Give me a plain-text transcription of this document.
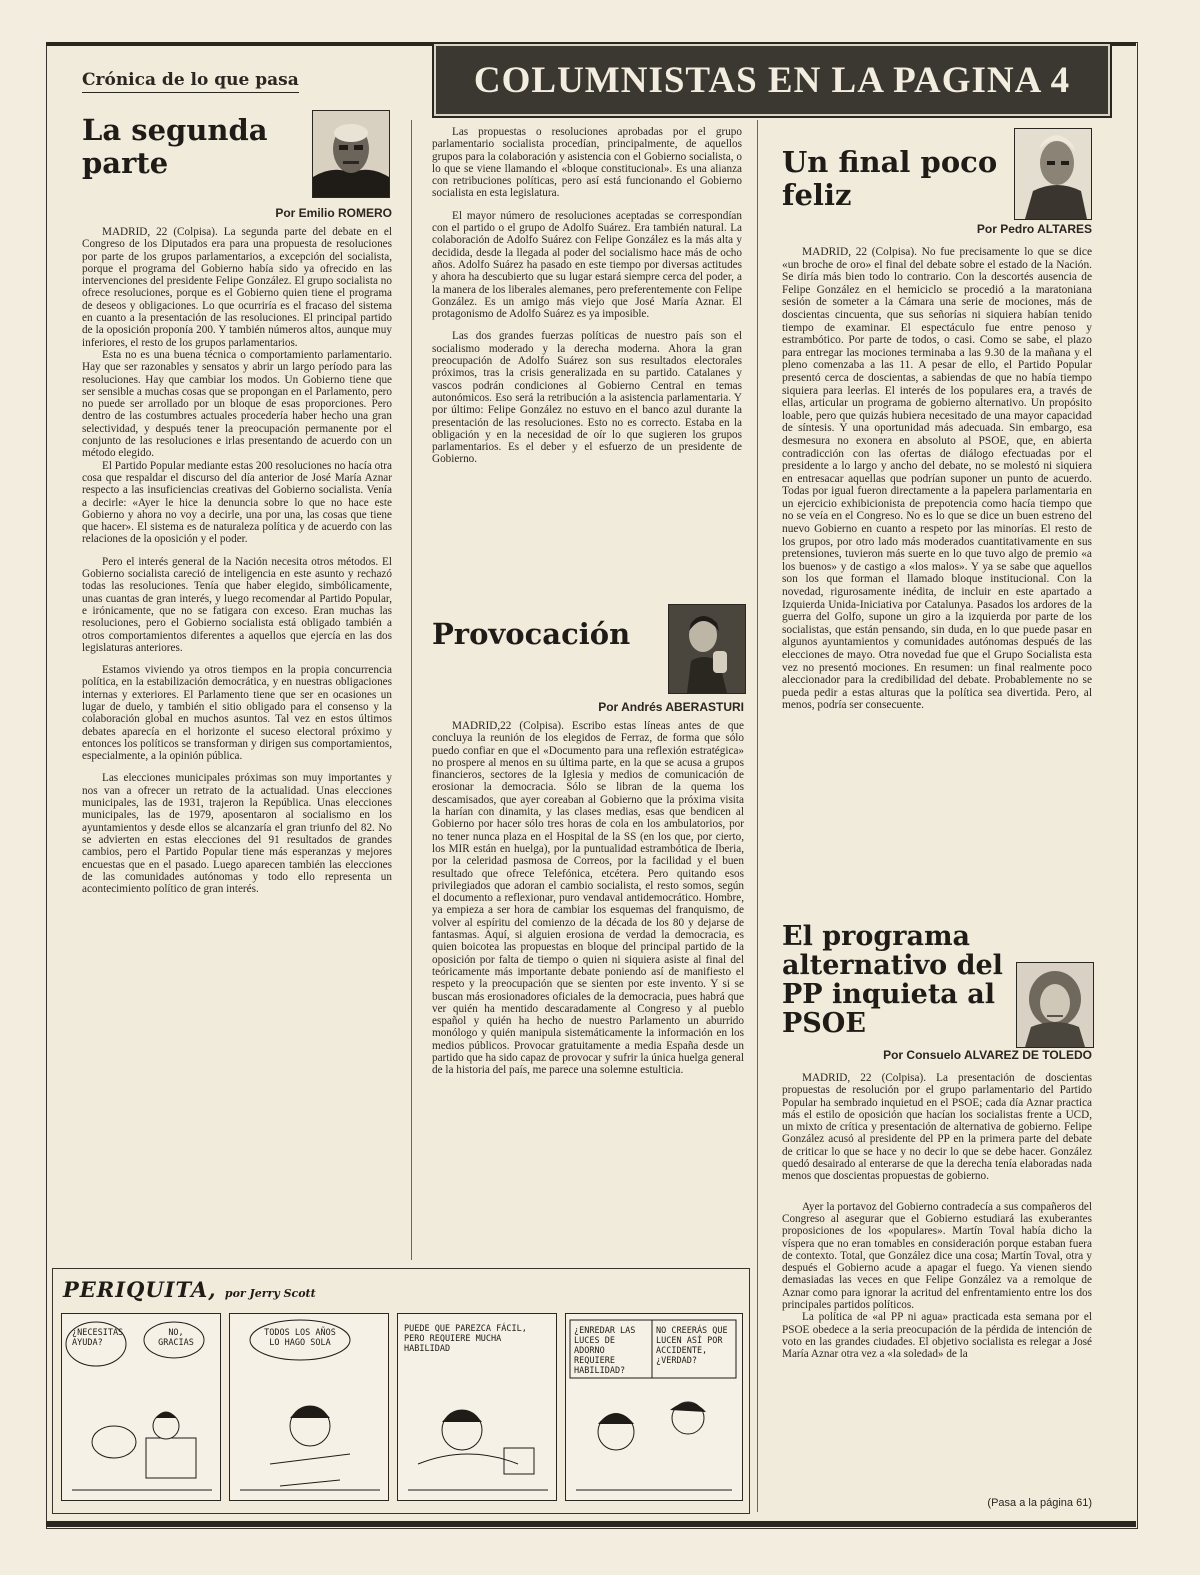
Crónica de lo que pasa	COLUMNISTAS EN LA PAGINA 4
La segunda parte
Por Emilio ROMERO

MADRID, 22 (Colpisa). La segunda parte del debate en el Congreso de los Diputados era para una propuesta de resoluciones por parte de los grupos parlamentarios, a excepción del socialista, porque el programa del Gobierno había sido ya ofrecido en las intervenciones del presidente Felipe González. El grupo socialista no ofrece resoluciones, porque es el Gobierno quien tiene el programa de deseos y obligaciones. Lo que ocurriría es el fracaso del sistema en cuanto a la presentación de las resoluciones. El principal partido de la oposición proponía 200. Y también números altos, aunque muy inferiores, el resto de los grupos parlamentarios.

Esta no es una buena técnica o comportamiento parlamentario. Hay que ser razonables y sensatos y abrir un largo período para las resoluciones. Hay que cambiar los modos. Un Gobierno tiene que ser sensible a muchas cosas que se propongan en el Parlamento, pero no puede ser arrollado por un bloque de esas proporciones. Pero dentro de las costumbres actuales procedería haber hecho una gran selectividad, y después tener la preocupación permanente por el conjunto de las resoluciones e irlas presentando de acuerdo con un método elegido.

El Partido Popular mediante estas 200 resoluciones no hacía otra cosa que respaldar el discurso del día anterior de José María Aznar respecto a las insuficiencias creativas del Gobierno socialista. Venía a decirle: «Ayer le hice la denuncia sobre lo que no hace este Gobierno y ahora no voy a decirle, una por una, las cosas que tiene que hacer». El sistema es de naturaleza política y de acuerdo con las relaciones de la oposición y el poder.

Pero el interés general de la Nación necesita otros métodos. El Gobierno socialista careció de inteligencia en este asunto y rechazó todas las resoluciones. Tenía que haber elegido, simbólicamente, unas cuantas de gran interés, y luego recomendar al Partido Popular, e irónicamente, que no se fatigara con exceso. Eran muchas las resoluciones, pero el Gobierno socialista está obligado también a otros comportamientos diferentes a aquellos que ejercía en las dos legislaturas anteriores.

Estamos viviendo ya otros tiempos en la propia concurrencia política, en la estabilización democrática, y en nuestras obligaciones internas y exteriores. El Parlamento tiene que ser en ocasiones un lugar de duelo, y también el sitio obligado para el consenso y la colaboración global en muchos asuntos. Tal vez en estos últimos debates aparecía en el horizonte el suceso electoral próximo y entonces los políticos se transforman y dirigen sus comportamientos, especialmente, a la opinión pública.

Las elecciones municipales próximas son muy importantes y nos van a ofrecer un retrato de la actualidad. Unas elecciones municipales, las de 1931, trajeron la República. Unas elecciones municipales, las de 1979, aposentaron al socialismo en los ayuntamientos y desde ellos se alcanzaría el gran triunfo del 82. No se advierten en estas elecciones del 91 resultados de grandes cambios, pero el Partido Popular tiene más esperanzas y mejores encuestas que en el pasado. Luego aparecen también las elecciones de las comunidades autónomas y todo ello representa un acontecimiento político de gran interés.

Las propuestas o resoluciones aprobadas por el grupo parlamentario socialista procedían, principalmente, de aquellos grupos para la colaboración y asistencia con el Gobierno socialista, o lo que se viene llamando el «bloque constitucional». Es una alianza con retribuciones políticas, pero así está funcionando el Gobierno socialista en esta legislatura.

El mayor número de resoluciones aceptadas se correspondían con el partido o el grupo de Adolfo Suárez. Era también natural. La colaboración de Adolfo Suárez con Felipe González es la más alta y decidida, desde la llegada al poder del socialismo hace más de ocho años. Adolfo Suárez ha pasado en este tiempo por diversas actitudes y ahora ha descubierto que su lugar estará siempre cerca del poder, a la manera de los liberales alemanes, pero preferentemente con Felipe González. Es un amigo más viejo que José María Aznar. El protagonismo de Adolfo Suárez es ya imposible.

Las dos grandes fuerzas políticas de nuestro país son el socialismo moderado y la derecha moderna. Ahora la gran preocupación de Adolfo Suárez son sus resultados electorales próximos, tras la crisis generalizada en su partido. Catalanes y vascos podrán condiciones al Gobierno Central en temas autonómicos. Eso será la retribución a la asistencia parlamentaria. Y por último: Felipe González no estuvo en el banco azul durante la presentación de las resoluciones. Esto no es correcto. Estaba en la obligación y en la necesidad de oír lo que sugieren los grupos parlamentarios. Es el deber y el esfuerzo de un presidente de Gobierno.

Provocación
Por Andrés ABERASTURI

MADRID,22 (Colpisa). Escribo estas líneas antes de que concluya la reunión de los elegidos de Ferraz, de forma que sólo puedo confiar en que el «Documento para una reflexión estratégica» no prospere al menos en su última parte, en la que se acusa a grupos financieros, sectores de la Iglesia y medios de comunicación de erosionar la democracia. Sólo se libran de la quema los descamisados, que ayer coreaban al Gobierno que la próxima visita la harían con dinamita, y las clases medias, esas que bendicen al Gobierno por hacer sólo tres horas de cola en los ambulatorios, por no tener nunca plaza en el Hospital de la SS (en los que, por cierto, los MIR están en huelga), por la puntualidad estrambótica de Iberia, por la celeridad pasmosa de Correos, por la facilidad y el buen resultado que ofrece Telefónica, etcétera. Pero quitando esos privilegiados que adoran el cambio socialista, el resto somos, según el documento a reflexionar, puro vendaval antidemocrático. Hombre, ya empieza a ser hora de cambiar los esquemas del franquismo, de volver al espíritu del comienzo de la década de los 80 y dejarse de fantasmas. Aquí, si alguien erosiona de verdad la democracia, es quien boicotea las propuestas en bloque del principal partido de la oposición por falta de tiempo o quien ni siquiera asiste al final del teóricamente más importante debate poniendo así de manifiesto el respeto y la preocupación que se sienten por este invento. Y si se buscan más erosionadores oficiales de la democracia, pues habrá que ver quién ha mentido descaradamente al Congreso y al pueblo español y quién ha hecho de nuestro Parlamento un aburrido monólogo y quién manipula sistemáticamente la información en los medios públicos. Provocar gratuitamente a media España desde un partido que ha sido capaz de provocar y sufrir la única huelga general de la historia del país, me parece una solemne estulticia.

Un final poco feliz
Por Pedro ALTARES

MADRID, 22 (Colpisa). No fue precisamente lo que se dice «un broche de oro» el final del debate sobre el estado de la Nación. Se diría más bien todo lo contrario. Con la descortés ausencia de Felipe González en el hemiciclo se procedió a la maratoniana sesión de someter a la Cámara una serie de mociones, más de doscientas cincuenta, que sus señorías ni siquiera habían tenido tiempo de examinar. El espectáculo fue entre penoso y estrambótico. Por parte de todos, o casi. Como se sabe, el plazo para entregar las mociones terminaba a las 9.30 de la mañana y el pleno comenzaba a las 11. A pesar de ello, el Partido Popular presentó cerca de doscientas, a sabiendas de que no había tiempo siquiera para leerlas. El interés de los populares era, a través de ellas, articular un programa de gobierno alternativo. Un propósito loable, pero que quizás hubiera necesitado de una mayor capacidad de síntesis. Y una oportunidad más adecuada. Sin embargo, esa desmesura no exonera en absoluto al PSOE, que, en abierta contradicción con las ofertas de diálogo efectuadas por el presidente a lo largo y ancho del debate, no se molestó ni siquiera en entresacar aquellas que podrían suponer un punto de acuerdo. Todas por igual fueron directamente a la papelera parlamentaria en un ejercicio exhibicionista de prepotencia como hacía tiempo que no se veía en el Congreso. No es lo que se dice un buen estreno del nuevo Gobierno en cuanto a respeto por las minorías. El resto de los grupos, por otro lado más moderados cuantitativamente en sus pretensiones, tuvieron más suerte en lo que tuvo algo de premio «a los buenos» y de castigo a «los malos». Y ya se sabe que aquellos son los que forman el llamado bloque institucional. Con la novedad, rigurosamente inédita, de incluir en este apartado a Izquierda Unida-Iniciativa por Catalunya. Pasados los ardores de la guerra del Golfo, supone un giro a la izquierda por parte de los socialistas, que están pensando, sin duda, en lo que puede pasar en algunos ayuntamientos y comunidades autónomas después de las elecciones de mayo. Otra novedad fue que el Grupo Socialista esta vez no presentó mociones. En resumen: un final realmente poco aleccionador para la credibilidad del debate. Probablemente no se pueda pedir a estas alturas que la política sea divertida. Pero, al menos, podría ser consecuente.

El programa alternativo del PP inquieta al PSOE
Por Consuelo ALVAREZ DE TOLEDO

MADRID, 22 (Colpisa). La presentación de doscientas propuestas de resolución por el grupo parlamentario del Partido Popular ha sembrado inquietud en el PSOE; cada día Aznar practica más el estilo de oposición que hacían los socialistas frente a UCD, un mixto de crítica y presentación de alternativa de gobierno. Felipe González acusó al presidente del PP en la primera parte del debate de criticar lo que se hace y no decir lo que se debe hacer. González quedó desairado al enterarse de que la derecha tenía elaboradas nada menos que doscientas propuestas de gobierno.

Ayer la portavoz del Gobierno contradecía a sus compañeros del Congreso al asegurar que el Gobierno estudiará las exuberantes proposiciones de los «populares». Martín Toval había dicho la víspera que no eran tomables en consideración porque estaban fuera de contexto. Total, que González dice una cosa; Martín Toval, otra y después el Gobierno acude a apagar el fuego. Ya vienen siendo demasiadas las veces en que Felipe González va a remolque de Aznar como para ignorar la acritud del enfrentamiento entre los dos principales partidos políticos.

La política de «al PP ni agua» practicada esta semana por el PSOE obedece a la seria preocupación de la pérdida de intención de voto en las grandes ciudades. El objetivo socialista es relegar a José María Aznar otra vez a «la soledad» de la

(Pasa a la página 61)
PERIQUITA, por Jerry Scott
¿NECESITAS AYUDA?
NO, GRACIAS
TODOS LOS AÑOS LO HAGO SOLA
PUEDE QUE PAREZCA FÁCIL, PERO REQUIERE MUCHA HABILIDAD
¿ENREDAR LAS LUCES DE ADORNO REQUIERE HABILIDAD?
NO CREERÁS QUE LUCEN ASÍ POR ACCIDENTE, ¿VERDAD?
